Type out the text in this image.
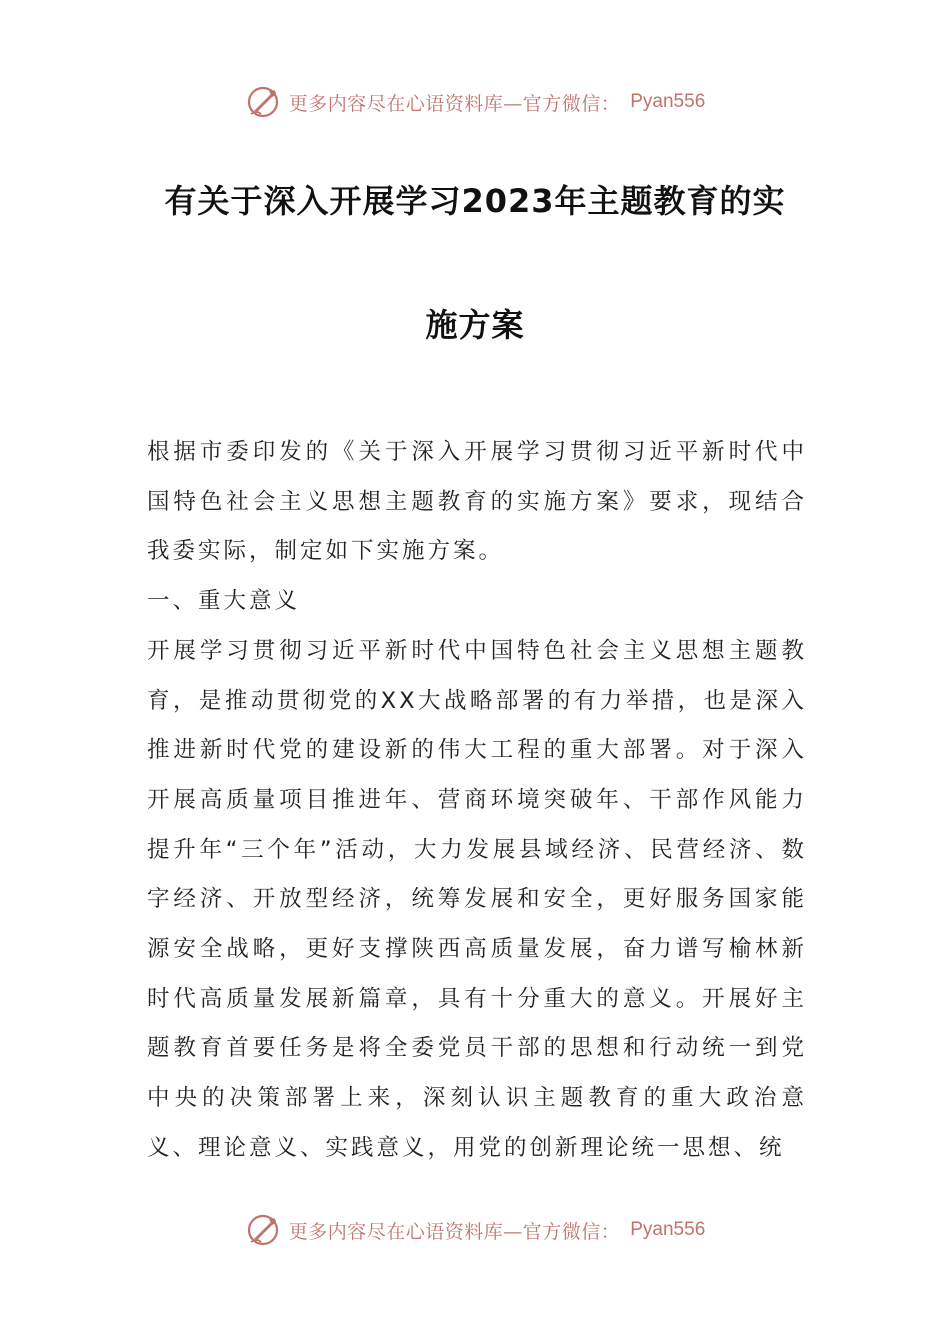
更多内容尽在心语资料库—官方微信： Pyan556
有关于深入开展学习2023年主题教育的实
施方案

根据市委印发的《关于深入开展学习贯彻习近平新时代中国特色社会主义思想主题教育的实施方案》要求，现结合我委实际，制定如下实施方案。

一、重大意义

开展学习贯彻习近平新时代中国特色社会主义思想主题教育，是推动贯彻党的XX大战略部署的有力举措，也是深入推进新时代党的建设新的伟大工程的重大部署。对于深入开展高质量项目推进年、营商环境突破年、干部作风能力提升年“三个年”活动，大力发展县域经济、民营经济、数字经济、开放型经济，统筹发展和安全，更好服务国家能源安全战略，更好支撑陕西高质量发展，奋力谱写榆林新时代高质量发展新篇章，具有十分重大的意义。开展好主题教育首要任务是将全委党员干部的思想和行动统一到党中央的决策部署上来，深刻认识主题教育的重大政治意义、理论意义、实践意义，用党的创新理论统一思想、统

更多内容尽在心语资料库—官方微信： Pyan556
